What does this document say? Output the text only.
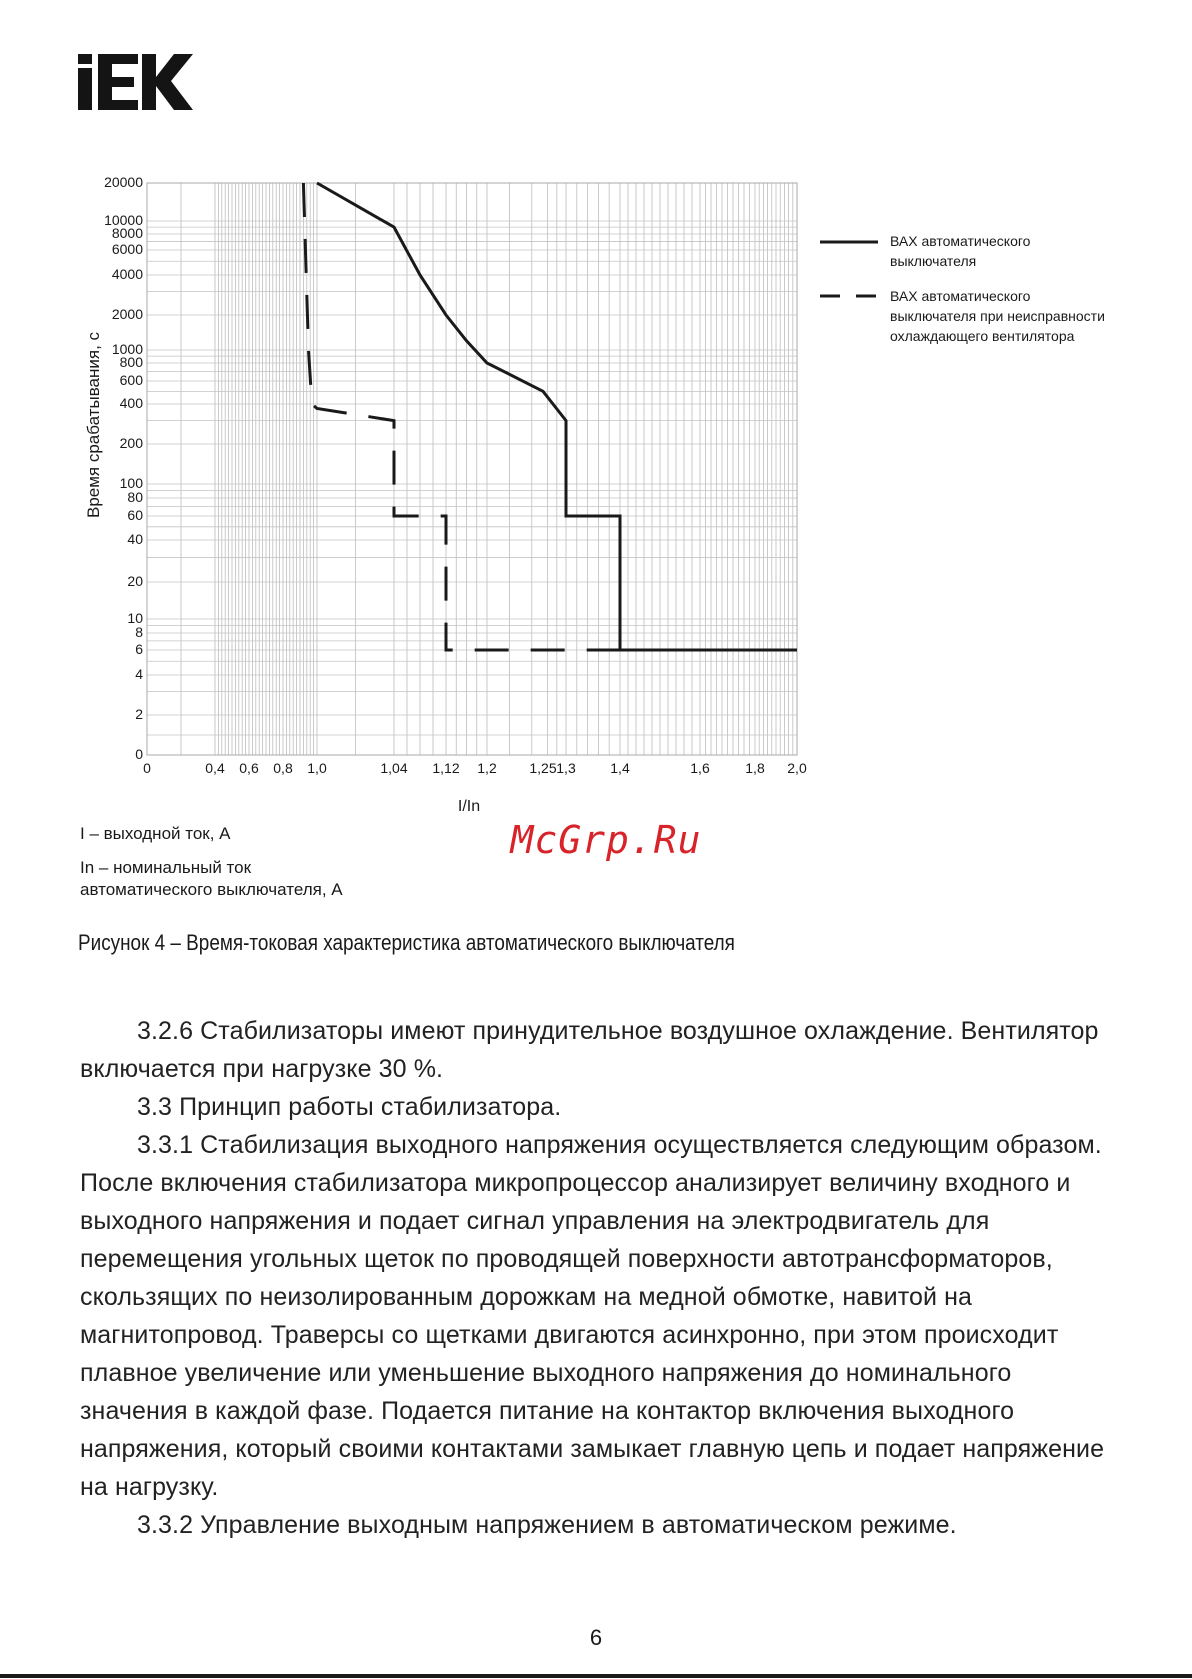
0
2
4
6
8
10
20
40
60
80
100
200
400
600
800
1000
2000
4000
6000
8000
10000
20000
0	0,4 0,6 0,8 1,0	1,04 1,12 1,2 1,25 1,3 1,4	1,6	1,8 2,0
Время срабатывания, с
I/In
ВАХ автоматического
выключателя
ВАХ автоматического
выключателя при неисправности
охлаждающего вентилятора
I – выходной ток, А
In – номинальный ток
автоматического выключателя, А
McGrp.Ru
Рисунок 4 – Время-токовая характеристика автоматического выключателя

3.2.6 Стабилизаторы имеют принудительное воздушное охлаждение. Вентилятор включается при нагрузке 30 %.

3.3 Принцип работы стабилизатора.

3.3.1 Стабилизация выходного напряжения осуществляется следующим образом. После включения стабилизатора микропроцессор анализирует величину входного и выходного напряжения и подает сигнал управления на электродвигатель для перемещения угольных щеток по проводящей поверхности автотрансформаторов, скользящих по неизолированным дорожкам на медной обмотке, навитой на магнитопровод. Траверсы со щетками двигаются асинхронно, при этом происходит плавное увеличение или уменьшение выходного напряжения до номинального значения в каждой фазе. Подается питание на контактор включения выходного напряжения, который своими контактами замыкает главную цепь и подает напряжение на нагрузку.

3.3.2 Управление выходным напряжением в автоматическом режиме.

6
